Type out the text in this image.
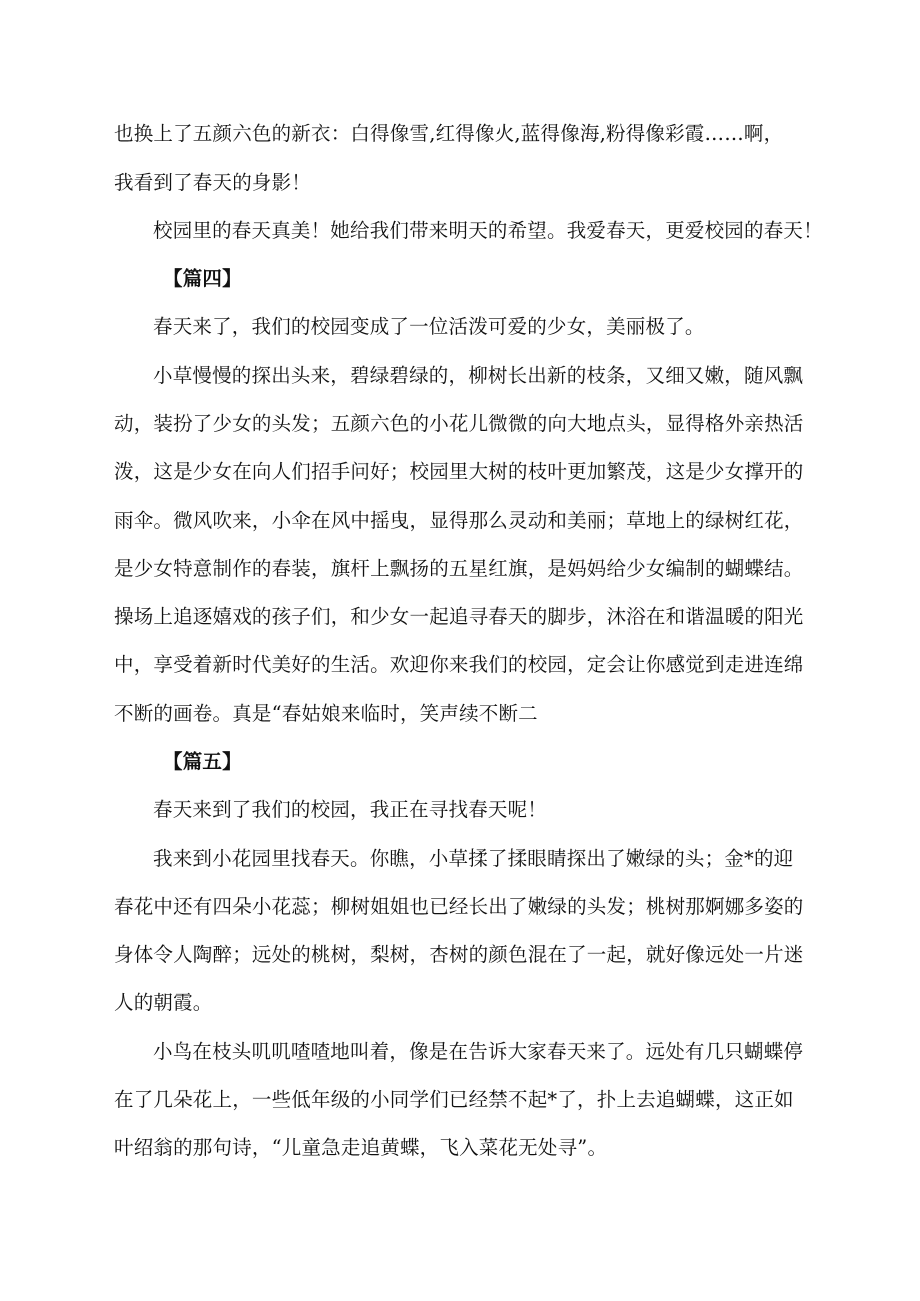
也换上了五颜六色的新衣：白得像雪,红得像火,蓝得像海,粉得像彩霞……啊，
我看到了春天的身影！
校园里的春天真美！她给我们带来明天的希望。我爱春天，更爱校园的春天！
【篇四】
春天来了，我们的校园变成了一位活泼可爱的少女，美丽极了。
小草慢慢的探出头来，碧绿碧绿的，柳树长出新的枝条，又细又嫩，随风飘
动，装扮了少女的头发；五颜六色的小花儿微微的向大地点头，显得格外亲热活
泼，这是少女在向人们招手问好；校园里大树的枝叶更加繁茂，这是少女撑开的
雨伞。微风吹来，小伞在风中摇曳，显得那么灵动和美丽；草地上的绿树红花，
是少女特意制作的春装，旗杆上飘扬的五星红旗，是妈妈给少女编制的蝴蝶结。
操场上追逐嬉戏的孩子们，和少女一起追寻春天的脚步，沐浴在和谐温暖的阳光
中，享受着新时代美好的生活。欢迎你来我们的校园，定会让你感觉到走进连绵
不断的画卷。真是“春姑娘来临时，笑声续不断二
【篇五】
春天来到了我们的校园，我正在寻找春天呢！
我来到小花园里找春天。你瞧，小草揉了揉眼睛探出了嫩绿的头；金*的迎
春花中还有四朵小花蕊；柳树姐姐也已经长出了嫩绿的头发；桃树那婀娜多姿的
身体令人陶醉；远处的桃树，梨树，杏树的颜色混在了一起，就好像远处一片迷
人的朝霞。
小鸟在枝头叽叽喳喳地叫着，像是在告诉大家春天来了。远处有几只蝴蝶停
在了几朵花上，一些低年级的小同学们已经禁不起*了，扑上去追蝴蝶，这正如
叶绍翁的那句诗，“儿童急走追黄蝶，飞入菜花无处寻”。
